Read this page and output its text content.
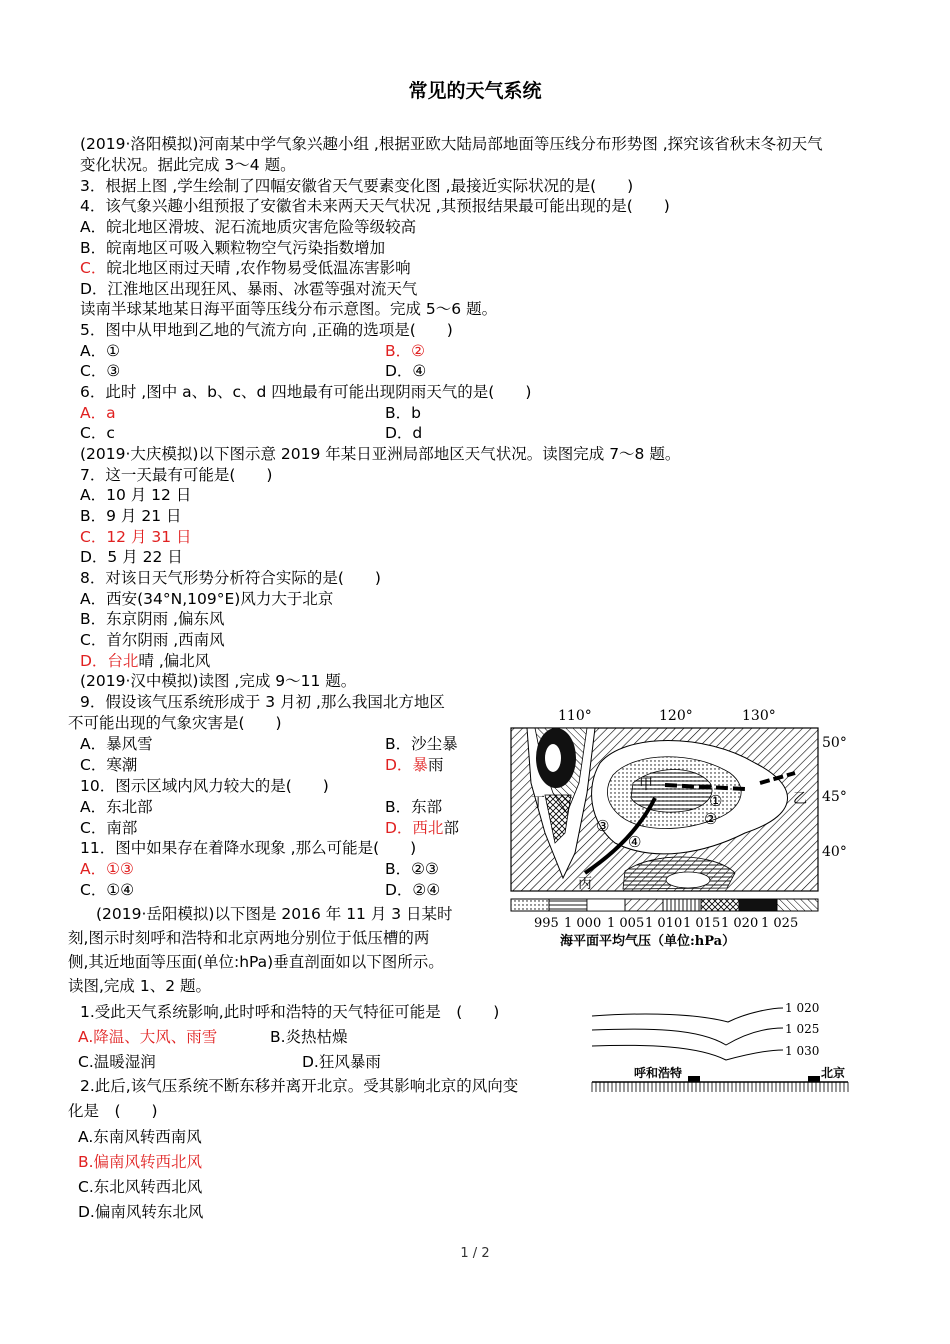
常见的天气系统
(2019·洛阳模拟)河南某中学气象兴趣小组 ,根据亚欧大陆局部地面等压线分布形势图 ,探究该省秋末冬初天气
变化状况。据此完成 3～4 题。
3．根据上图 ,学生绘制了四幅安徽省天气要素变化图 ,最接近实际状况的是(　　)
4．该气象兴趣小组预报了安徽省未来两天天气状况 ,其预报结果最可能出现的是(　　)
A．皖北地区滑坡、泥石流地质灾害危险等级较高
B．皖南地区可吸入颗粒物空气污染指数增加
C．皖北地区雨过天晴 ,农作物易受低温冻害影响
D．江淮地区出现狂风、暴雨、冰雹等强对流天气
读南半球某地某日海平面等压线分布示意图。完成 5～6 题。
5．图中从甲地到乙地的气流方向 ,正确的选项是(　　)
A．①	B．②
C．③	D．④
6．此时 ,图中 a、b、c、d 四地最有可能出现阴雨天气的是(　　)
A．a	B．b
C．c	D．d
(2019·大庆模拟)以下图示意 2019 年某日亚洲局部地区天气状况。读图完成 7～8 题。
7．这一天最有可能是(　　)
A．10 月 12 日
B．9 月 21 日
C．12 月 31 日
D．5 月 22 日
8．对该日天气形势分析符合实际的是(　　)
A．西安(34°N,109°E)风力大于北京
B．东京阴雨 ,偏东风
C．首尔阴雨 ,西南风
D．台北晴 ,偏北风
(2019·汉中模拟)读图 ,完成 9～11 题。
9．假设该气压系统形成于 3 月初 ,那么我国北方地区
不可能出现的气象灾害是(　　)
A．暴风雪	B．沙尘暴
C．寒潮	D．暴雨
10．图示区域内风力较大的是(　　)
A．东北部	B．东部
C．南部	D．西北部
11．图中如果存在着降水现象 ,那么可能是(　　)
A．①③	B．②③
C．①④	D．②④
(2019·岳阳模拟)以下图是 2016 年 11 月 3 日某时
刻,图示时刻呼和浩特和北京两地分别位于低压槽的两
侧,其近地面等压面(单位:hPa)垂直剖面如以下图所示。
读图,完成 1、2 题。
1.受此天气系统影响,此时呼和浩特的天气特征可能是　(　　)
A.降温、大风、雨雪	B.炎热枯燥
C.温暖湿润	D.狂风暴雨
2.此后,该气压系统不断东移并离开北京。受其影响北京的风向变
化是　(　　)
A.东南风转西南风
B.偏南风转西北风
C.东北风转西北风
D.偏南风转东北风
110°	120°	130°
甲
乙
丙
丁	①
②
③
④
50°
45°
40°
995 1 000 1 005 1 010 1 015 1 020 1 025
海平面平均气压（单位:hPa）
1 020
1 025
1 030
呼和浩特	北京
1 / 2
